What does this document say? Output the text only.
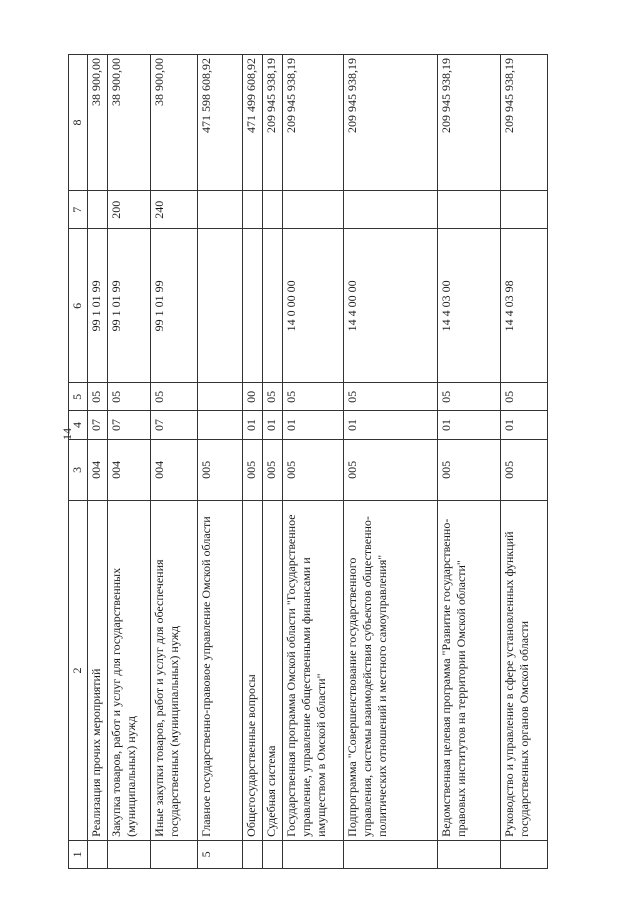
14
1	2	3	4	5	6	7	8
	Реализация прочих мероприятий	004	07	05	99 1 01 99		38 900,00
	Закупка товаров, работ и услуг для государственных (муниципальных) нужд	004	07	05	99 1 01 99	200	38 900,00
	Иные закупки товаров, работ и услуг для обеспечения государственных (муниципальных) нужд	004	07	05	99 1 01 99	240	38 900,00
5	Главное государственно-правовое управление Омской области	005					471 598 608,92
	Общегосударственные вопросы	005	01	00			471 499 608,92
	Судебная система	005	01	05			209 945 938,19
	Государственная программа Омской области "Государственное управление, управление общественными финансами и имуществом в Омской области"	005	01	05	14 0 00 00		209 945 938,19
	Подпрограмма "Совершенствование государственного управления, системы взаимодействия субъектов общественно-политических отношений и местного самоуправления"	005	01	05	14 4 00 00		209 945 938,19
	Ведомственная целевая программа "Развитие государственно-правовых институтов на территории Омской области"	005	01	05	14 4 03 00		209 945 938,19
	Руководство и управление в сфере установленных функций государственных органов Омской области	005	01	05	14 4 03 98		209 945 938,19
